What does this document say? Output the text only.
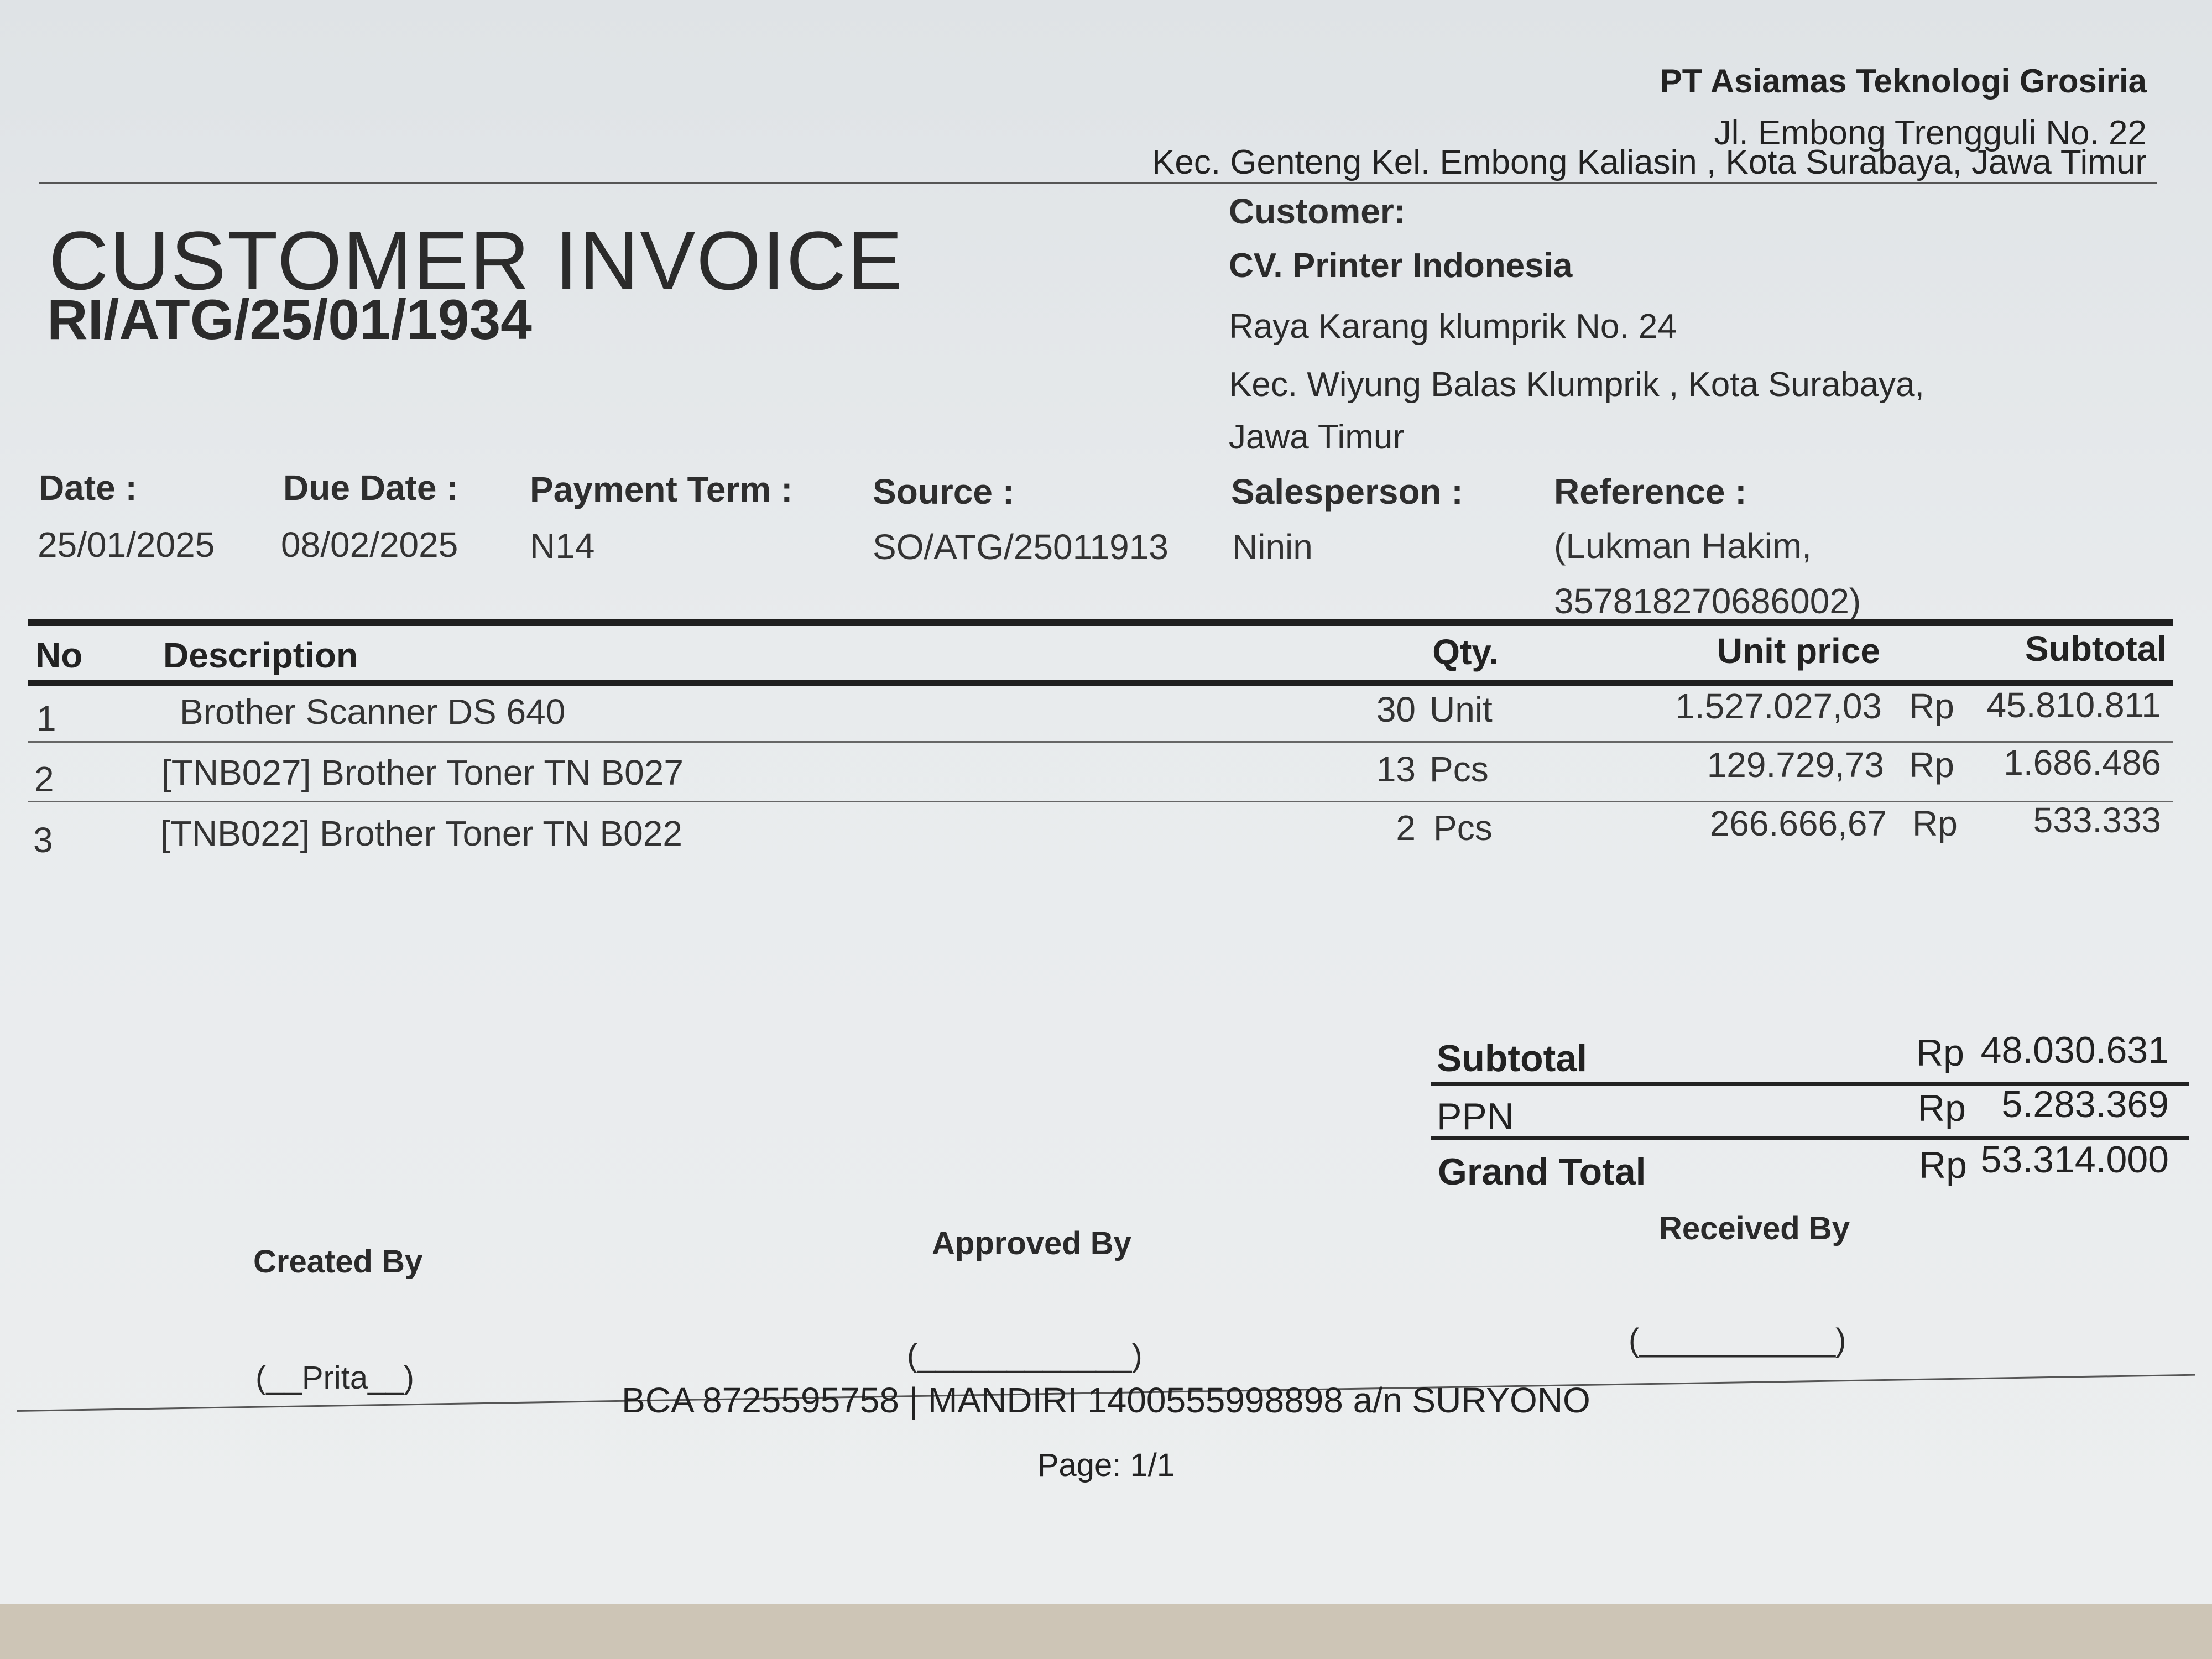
PT Asiamas Teknologi Grosiria

Jl. Embong Trengguli No. 22

Kec. Genteng Kel. Embong Kaliasin , Kota Surabaya, Jawa Timur

CUSTOMER INVOICE

RI/ATG/25/01/1934

Customer:

CV. Printer Indonesia

Raya Karang klumprik No. 24

Kec. Wiyung Balas Klumprik , Kota Surabaya,

Jawa Timur

Date :

25/01/2025

Due Date :

08/02/2025

Payment Term :

N14

Source :

SO/ATG/25011913

Salesperson :

Ninin

Reference :

(Lukman Hakim,

357818270686002)

No Description	Qty.	Unit price	Subtotal

1	Brother Scanner DS 640	30 Unit	1.527.027,03 Rp 45.810.811

2	[TNB027] Brother Toner TN B027	13 Pcs	129.729,73 Rp 1.686.486

3	[TNB022] Brother Toner TN B022	2 Pcs	266.666,67 Rp 533.333

Subtotal	Rp 48.030.631

PPN	Rp 5.283.369

Grand Total	Rp 53.314.000

Created By

(__Prita__)

Approved By

(____________)

Received By

(___________)

BCA 8725595758 | MANDIRI 1400555998898 a/n SURYONO

Page: 1/1
